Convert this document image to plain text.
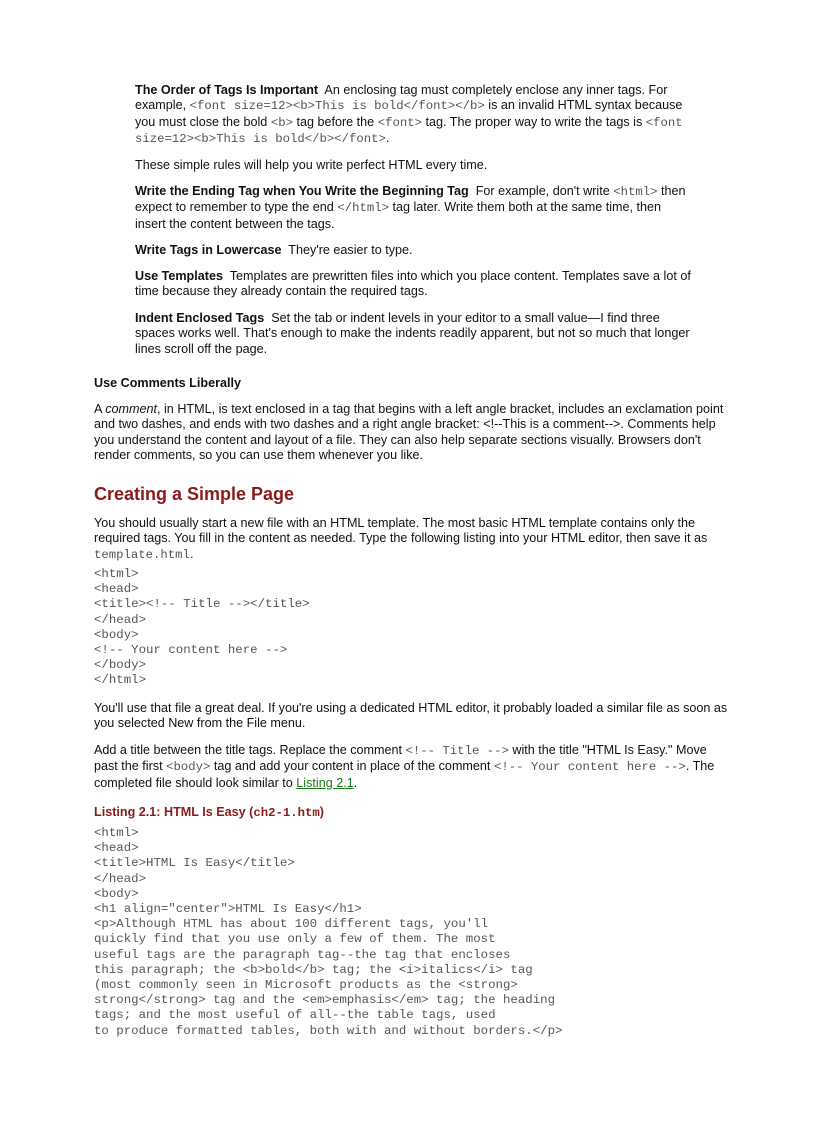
The Order of Tags Is Important An enclosing tag must completely enclose any inner tags. For example, <font size=12><b>This is bold</font></b> is an invalid HTML syntax because you must close the bold <b> tag before the <font> tag. The proper way to write the tags is <font size=12><b>This is bold</b></font>.
These simple rules will help you write perfect HTML every time.
Write the Ending Tag when You Write the Beginning Tag For example, don't write <html> then expect to remember to type the end </html> tag later. Write them both at the same time, then insert the content between the tags.
Write Tags in Lowercase They're easier to type.
Use Templates Templates are prewritten files into which you place content. Templates save a lot of time because they already contain the required tags.
Indent Enclosed Tags Set the tab or indent levels in your editor to a small value—I find three spaces works well. That's enough to make the indents readily apparent, but not so much that longer lines scroll off the page.
Use Comments Liberally
A comment, in HTML, is text enclosed in a tag that begins with a left angle bracket, includes an exclamation point and two dashes, and ends with two dashes and a right angle bracket: <!--This is a comment-->. Comments help you understand the content and layout of a file. They can also help separate sections visually. Browsers don't render comments, so you can use them whenever you like.
Creating a Simple Page
You should usually start a new file with an HTML template. The most basic HTML template contains only the required tags. You fill in the content as needed. Type the following listing into your HTML editor, then save it as template.html.
<html>
<head>
<title><!-- Title --></title>
</head>
<body>
<!-- Your content here -->
</body>
</html>
You'll use that file a great deal. If you're using a dedicated HTML editor, it probably loaded a similar file as soon as you selected New from the File menu.
Add a title between the title tags. Replace the comment <!-- Title --> with the title "HTML Is Easy." Move past the first <body> tag and add your content in place of the comment <!-- Your content here -->. The completed file should look similar to Listing 2.1.
Listing 2.1: HTML Is Easy (ch2-1.htm)
<html>
<head>
<title>HTML Is Easy</title>
</head>
<body>
<h1 align="center">HTML Is Easy</h1>
<p>Although HTML has about 100 different tags, you'll
quickly find that you use only a few of them. The most
useful tags are the paragraph tag--the tag that encloses
this paragraph; the <b>bold</b> tag; the <i>italics</i> tag
(most commonly seen in Microsoft products as the <strong>
strong</strong> tag and the <em>emphasis</em> tag; the heading
tags; and the most useful of all--the table tags, used
to produce formatted tables, both with and without borders.</p>
